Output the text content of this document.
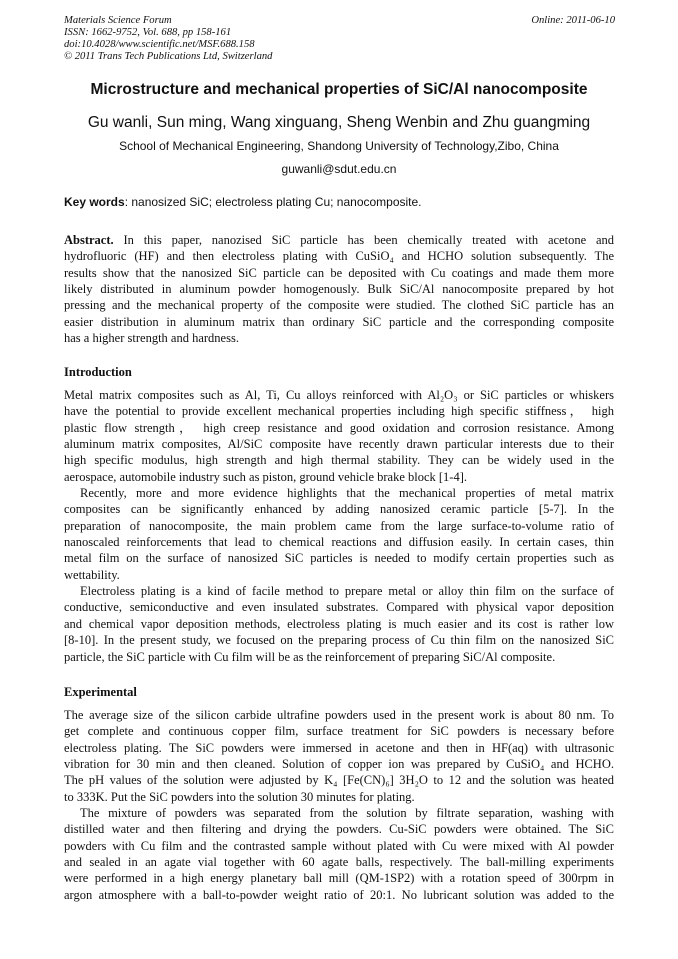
Materials Science Forum
ISSN: 1662-9752, Vol. 688, pp 158-161
doi:10.4028/www.scientific.net/MSF.688.158
© 2011 Trans Tech Publications Ltd, Switzerland
Online: 2011-06-10
Microstructure and mechanical properties of SiC/Al nanocomposite
Gu wanli, Sun ming, Wang xinguang, Sheng Wenbin and Zhu guangming
School of Mechanical Engineering, Shandong University of Technology,Zibo, China
guwanli@sdut.edu.cn
Key words: nanosized SiC; electroless plating Cu; nanocomposite.
Abstract. In this paper, nanozised SiC particle has been chemically treated with acetone and
hydrofluoric (HF) and then electroless plating with CuSiO₄ and HCHO solution subsequently. The
results show that the nanosized SiC particle can be deposited with Cu coatings and made them more
likely distributed in aluminum powder homogenously. Bulk SiC/Al nanocomposite prepared by hot
pressing and the mechanical property of the composite were studied. The clothed SiC particle has an
easier distribution in aluminum matrix than ordinary SiC particle and the corresponding composite
has a higher strength and hardness.
Introduction
Metal matrix composites such as Al, Ti, Cu alloys reinforced with Al₂O₃ or SiC particles or whiskers
have the potential to provide excellent mechanical properties including high specific stiffness， high
plastic flow strength， high creep resistance and good oxidation and corrosion resistance. Among
aluminum matrix composites, Al/SiC composite have recently drawn particular interests due to their
high specific modulus, high strength and high thermal stability. They can be widely used in the
aerospace, automobile industry such as piston, ground vehicle brake block [1-4].
Recently, more and more evidence highlights that the mechanical properties of metal matrix
composites can be significantly enhanced by adding nanosized ceramic particle [5-7]. In the
preparation of nanocomposite, the main problem came from the large surface-to-volume ratio of
nanoscaled reinforcements that lead to chemical reactions and diffusion easily. In certain cases, thin
metal film on the surface of nanosized SiC particles is needed to modify certain properties such as
wettability.
Electroless plating is a kind of facile method to prepare metal or alloy thin film on the surface of
conductive, semiconductive and even insulated substrates. Compared with physical vapor deposition
and chemical vapor deposition methods, electroless plating is much easier and its cost is rather low
[8-10]. In the present study, we focused on the preparing process of Cu thin film on the nanosized SiC
particle, the SiC particle with Cu film will be as the reinforcement of preparing SiC/Al composite.
Experimental
The average size of the silicon carbide ultrafine powders used in the present work is about 80 nm. To
get complete and continuous copper film, surface treatment for SiC powders is necessary before
electroless plating. The SiC powders were immersed in acetone and then in HF(aq) with ultrasonic
vibration for 30 min and then cleaned. Solution of copper ion was prepared by CuSiO₄ and HCHO.
The pH values of the solution were adjusted by K₄ [Fe(CN)₆] 3H₂O to 12 and the solution was heated
to 333K. Put the SiC powders into the solution 30 minutes for plating.
The mixture of powders was separated from the solution by filtrate separation, washing with
distilled water and then filtering and drying the powders. Cu-SiC powders were obtained. The SiC
powders with Cu film and the contrasted sample without plated with Cu were mixed with Al powder
and sealed in an agate vial together with 60 agate balls, respectively. The ball-milling experiments
were performed in a high energy planetary ball mill (QM-1SP2) with a rotation speed of 300rpm in
argon atmosphere with a ball-to-powder weight ratio of 20:1. No lubricant solution was added to the
